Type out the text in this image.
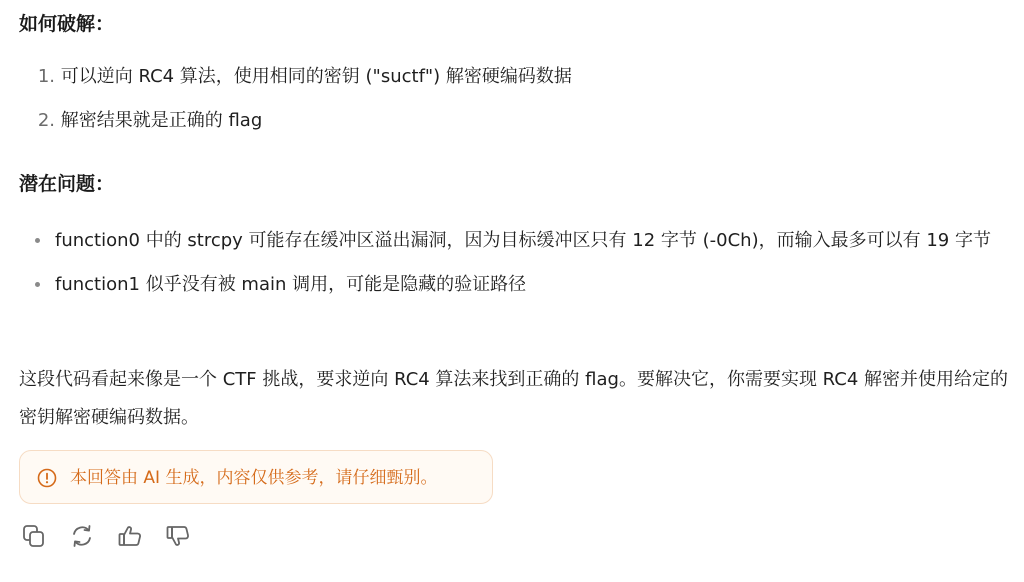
如何破解：
1. 可以逆向 RC4 算法，使用相同的密钥 ("suctf") 解密硬编码数据
2. 解密结果就是正确的 flag
潜在问题：
function0 中的 strcpy 可能存在缓冲区溢出漏洞，因为目标缓冲区只有 12 字节 (-0Ch)，而输入最多可以有 19 字节
function1 似乎没有被 main 调用，可能是隐藏的验证路径

这段代码看起来像是一个 CTF 挑战，要求逆向 RC4 算法来找到正确的 flag。要解决它，你需要实现 RC4 解密并使用给定的密钥解密硬编码数据。

本回答由 AI 生成，内容仅供参考，请仔细甄别。
